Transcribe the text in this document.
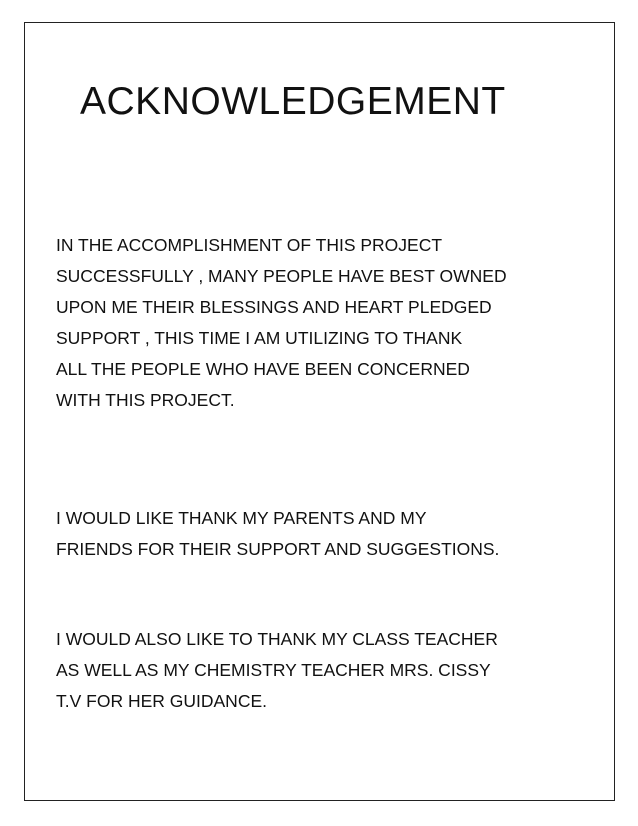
ACKNOWLEDGEMENT

IN THE ACCOMPLISHMENT OF THIS PROJECT
SUCCESSFULLY , MANY PEOPLE HAVE BEST OWNED
UPON ME THEIR BLESSINGS AND HEART PLEDGED
SUPPORT , THIS TIME I AM UTILIZING TO THANK
ALL THE PEOPLE WHO HAVE BEEN CONCERNED
WITH THIS PROJECT.

I WOULD LIKE THANK MY PARENTS AND MY
FRIENDS FOR THEIR SUPPORT AND SUGGESTIONS.

I WOULD ALSO LIKE TO THANK MY CLASS TEACHER
AS WELL AS MY CHEMISTRY TEACHER MRS. CISSY
T.V FOR HER GUIDANCE.
